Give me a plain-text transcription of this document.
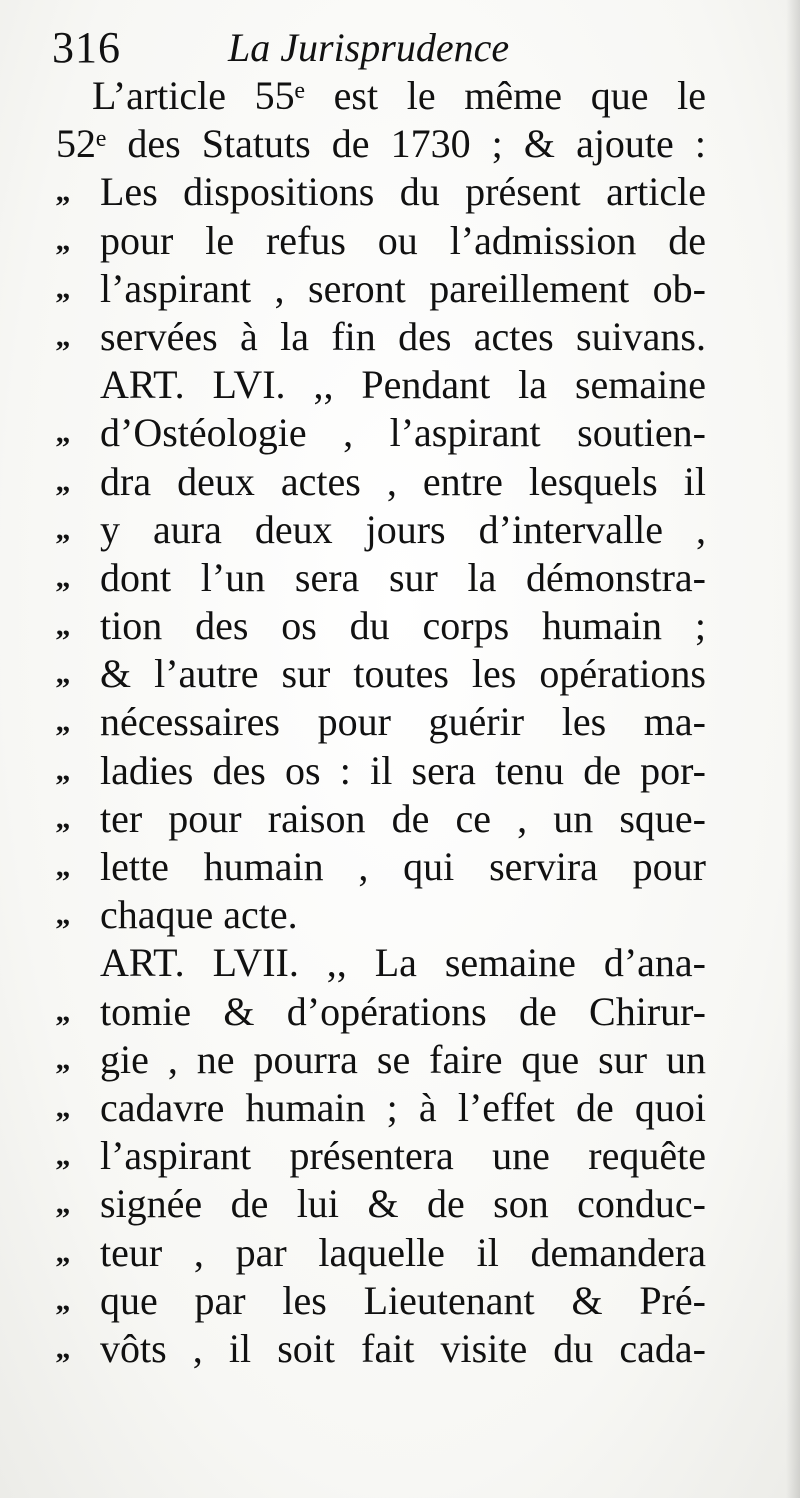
316	La Jurisprudence
L’article 55ᵉ est le même que le
52ᵉ des Statuts de 1730 ; & ajoute :
,, Les dispositions du présent article
,, pour le refus ou l’admission de
,, l’aspirant , seront pareillement ob-
,, servées à la fin des actes suivans.
ART. LVI. ,, Pendant la semaine
,, d’Ostéologie , l’aspirant soutien-
,, dra deux actes , entre lesquels il
,, y aura deux jours d’intervalle ,
,, dont l’un sera sur la démonstra-
,, tion des os du corps humain ;
,, & l’autre sur toutes les opérations
,, nécessaires pour guérir les ma-
,, ladies des os : il sera tenu de por-
,, ter pour raison de ce , un sque-
,, lette humain , qui servira pour
,, chaque acte.
ART. LVII. ,, La semaine d’ana-
,, tomie & d’opérations de Chirur-
,, gie , ne pourra se faire que sur un
,, cadavre humain ; à l’effet de quoi
,, l’aspirant présentera une requête
,, signée de lui & de son conduc-
,, teur , par laquelle il demandera
,, que par les Lieutenant & Pré-
,, vôts , il soit fait visite du cada-
